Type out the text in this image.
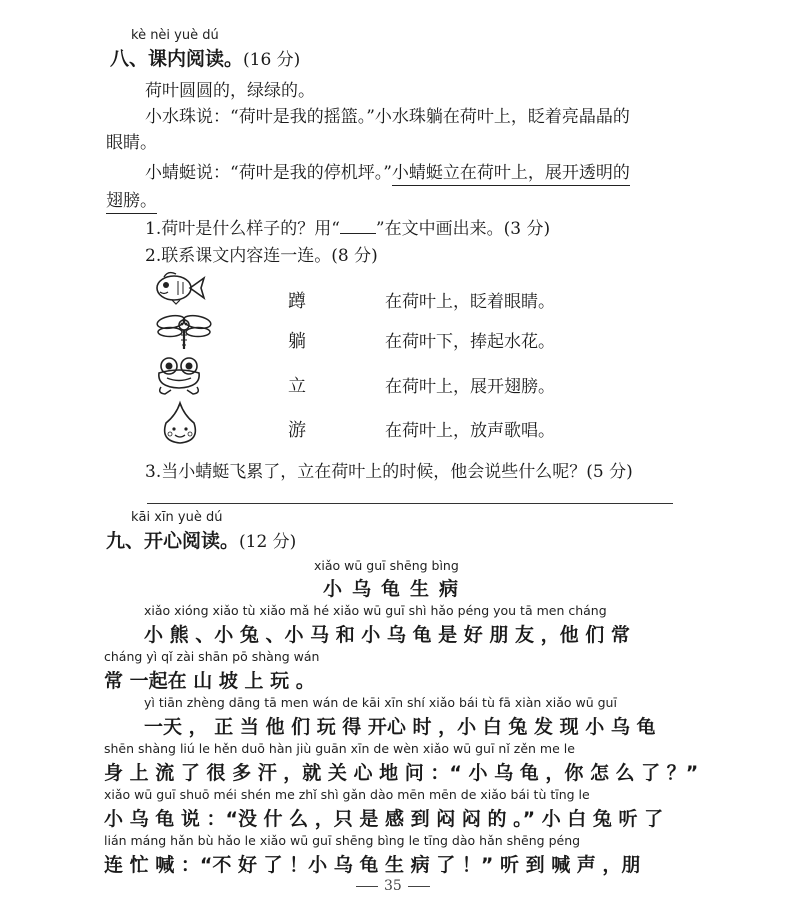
kè nèi yuè dú
八、课内阅读。(16 分)
荷叶圆圆的，绿绿的。
小水珠说：“荷叶是我的摇篮。”小水珠躺在荷叶上，眨着亮晶晶的
眼睛。
小蜻蜓说：“荷叶是我的停机坪。”小蜻蜓立在荷叶上，展开透明的
翅膀。
1.荷叶是什么样子的？用“ ”在文中画出来。(3 分)
2.联系课文内容连一连。(8 分)
蹲
躺
立
游
在荷叶上，眨着眼睛。
在荷叶下，捧起水花。
在荷叶上，展开翅膀。
在荷叶上，放声歌唱。
3.当小蜻蜓飞累了，立在荷叶上的时候，他会说些什么呢？(5 分)
kāi xīn yuè dú
九、开心阅读。(12 分)
xiǎo wū guī shēng bìng
小乌龟生病
xiǎo xióng xiǎo tù xiǎo mǎ hé xiǎo wū guī shì hǎo péng you tā men cháng
小 熊 、小 兔 、小 马 和 小 乌 龟 是 好 朋 友 ，他 们 常
cháng yì qǐ zài shān pō shàng wán
常 一起在 山 坡 上 玩 。
yì tiān zhèng dāng tā men wán de kāi xīn shí xiǎo bái tù fā xiàn xiǎo wū guī
一天 ， 正 当 他 们 玩 得 开心 时 ，小 白 兔 发 现 小 乌 龟
shēn shàng liú le hěn duō hàn jiù guān xīn de wèn xiǎo wū guī nǐ zěn me le
身 上 流 了 很 多 汗 ，就 关 心 地 问 ：“ 小 乌 龟 ，你 怎 么 了 ？”
xiǎo wū guī shuō méi shén me zhǐ shì gǎn dào mēn mēn de xiǎo bái tù tīng le
小 乌 龟 说 ：“没 什 么 ，只 是 感 到 闷 闷 的 。” 小 白 兔 听 了
lián máng hǎn bù hǎo le xiǎo wū guī shēng bìng le tīng dào hǎn shēng péng
连 忙 喊 ：“不 好 了 ！小 乌 龟 生 病 了 ！” 听 到 喊 声 ，朋
35
